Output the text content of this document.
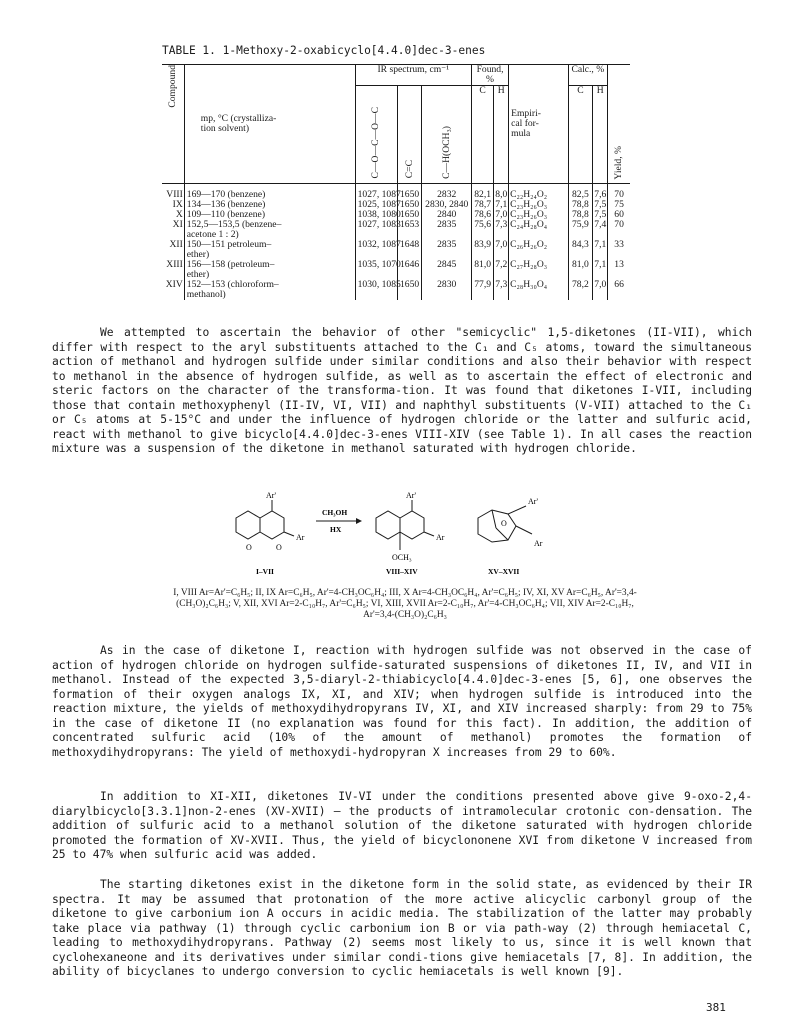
TABLE 1. 1-Methoxy-2-oxabicyclo[4.4.0]dec-3-enes

Compound	mp, °C (crystalliza-
tion solvent)	IR spectrum, cm⁻¹			Found, %		Empiri-
cal for-
mula	Calc., %		Yield, %
		C—O—C—O—C	C=C	C—H(OCH₃)	C	H		C	H	

VIII	169—170 (benzene)	1027, 1087	1650	2832	82,1	8,0	C₂₂H₂₄O₂	82,5	7,6	70
IX	134—136 (benzene)	1025, 1087	1650	2830, 2840	78,7	7,1	C₂₃H₂₆O₃	78,8	7,5	75
X	109—110 (benzene)	1038, 1080	1650	2840	78,6	7,0	C₂₃H₂₆O₃	78,8	7,5	60
XI	152,5—153,5 (benzene–
acetone 1 : 2)	1027, 1083	1653	2835	75,6	7,3	C₂₄H₂₈O₄	75,9	7,4	70
XII	150—151 petroleum–
ether)	1032, 1087	1648	2835	83,9	7,0	C₂₆H₂₆O₂	84,3	7,1	33
XIII	156—158 (petroleum–
ether)	1035, 1070	1646	2845	81,0	7,2	C₂₇H₂₈O₃	81,0	7,1	13
XIV	152—153 (chloroform–
methanol)	1030, 1085	1650	2830	77,9	7,3	C₂₈H₃₀O₄	78,2	7,0	66
We attempted to ascertain the behavior of other "semicyclic" 1,5-diketones (II-VII), which differ with respect to the aryl substituents attached to the C₁ and C₅ atoms, toward the simultaneous action of methanol and hydrogen sulfide under similar conditions and also their behavior with respect to methanol in the absence of hydrogen sulfide, as well as to ascertain the effect of electronic and steric factors on the character of the transforma-tion. It was found that diketones I-VII, including those that contain methoxyphenyl (II-IV, VI, VII) and naphthyl substituents (V-VII) attached to the C₁ or C₅ atoms at 5-15°C and under the influence of hydrogen chloride or the latter and sulfuric acid, react with methanol to give bicyclo[4.4.0]dec-3-enes VIII-XIV (see Table 1). In all cases the reaction mixture was a suspension of the diketone in methanol saturated with hydrogen chloride.
Ar'
O	O
Ar
CH₃OH
HX
Ar'
Ar
OCH₃
Ar'
O
Ar
I–VII	VIII–XIV	XV–XVII
I, VIII Ar=Ar'=C₆H₅; II, IX Ar=C₆H₅, Ar'=4-CH₃OC₆H₄; III, X Ar=4-CH₃OC₆H₄, Ar'=C₆H₅; IV, XI, XV Ar=C₆H₅, Ar'=3,4-(CH₃O)₂C₆H₃; V, XII, XVI Ar=2-C₁₀H₇, Ar'=C₆H₅; VI, XIII, XVII Ar=2-C₁₀H₇, Ar'=4-CH₃OC₆H₄; VII, XIV Ar=2-C₁₀H₇, Ar'=3,4-(CH₃O)₂C₆H₃
As in the case of diketone I, reaction with hydrogen sulfide was not observed in the case of action of hydrogen chloride on hydrogen sulfide-saturated suspensions of diketones II, IV, and VII in methanol. Instead of the expected 3,5-diaryl-2-thiabicyclo[4.4.0]dec-3-enes [5, 6], one observes the formation of their oxygen analogs IX, XI, and XIV; when hydrogen sulfide is introduced into the reaction mixture, the yields of methoxydihydropyrans IV, XI, and XIV increased sharply: from 29 to 75% in the case of diketone II (no explanation was found for this fact). In addition, the addition of concentrated sulfuric acid (10% of the amount of methanol) promotes the formation of methoxydihydropyrans: The yield of methoxydi-hydropyran X increases from 29 to 60%.
In addition to XI-XII, diketones IV-VI under the conditions presented above give 9-oxo-2,4-diarylbicyclo[3.3.1]non-2-enes (XV-XVII) — the products of intramolecular crotonic con-densation. The addition of sulfuric acid to a methanol solution of the diketone saturated with hydrogen chloride promoted the formation of XV-XVII. Thus, the yield of bicyclononene XVI from diketone V increased from 25 to 47% when sulfuric acid was added.
The starting diketones exist in the diketone form in the solid state, as evidenced by their IR spectra. It may be assumed that protonation of the more active alicyclic carbonyl group of the diketone to give carbonium ion A occurs in acidic media. The stabilization of the latter may probably take place via pathway (1) through cyclic carbonium ion B or via path-way (2) through hemiacetal C, leading to methoxydihydropyrans. Pathway (2) seems most likely to us, since it is well known that cyclohexaneone and its derivatives under similar condi-tions give hemiacetals [7, 8]. In addition, the ability of bicyclanes to undergo conversion to cyclic hemiacetals is well known [9].
381
